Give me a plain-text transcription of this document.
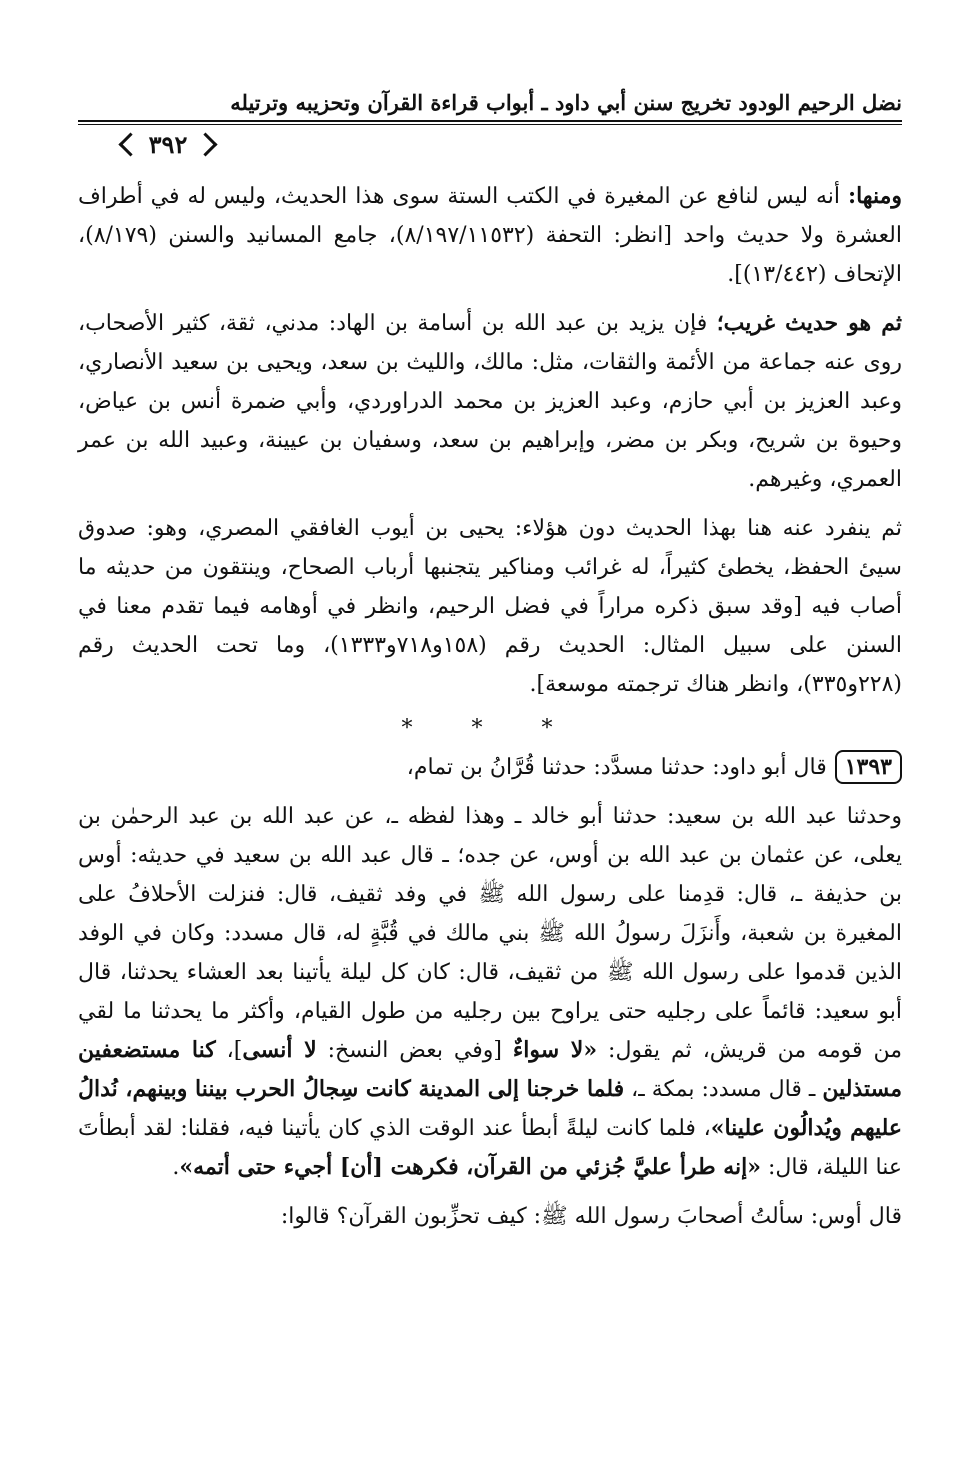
نضل الرحيم الودود تخريج سنن أبي داود ـ أبواب قراءة القرآن وتحزيبه وترتيله
٣٩٢

ومنها: أنه ليس لنافع عن المغيرة في الكتب الستة سوى هذا الحديث، وليس له في أطراف العشرة ولا حديث واحد [انظر: التحفة (٨/١٩٧/١١٥٣٢)، جامع المسانيد والسنن (٨/١٧٩)، الإتحاف (١٣/٤٤٢)].

ثم هو حديث غريب؛ فإن يزيد بن عبد الله بن أسامة بن الهاد: مدني، ثقة، كثير الأصحاب، روى عنه جماعة من الأئمة والثقات، مثل: مالك، والليث بن سعد، ويحيى بن سعيد الأنصاري، وعبد العزيز بن أبي حازم، وعبد العزيز بن محمد الدراوردي، وأبي ضمرة أنس بن عياض، وحيوة بن شريح، وبكر بن مضر، وإبراهيم بن سعد، وسفيان بن عيينة، وعبيد الله بن عمر العمري، وغيرهم.

ثم ينفرد عنه هنا بهذا الحديث دون هؤلاء: يحيى بن أيوب الغافقي المصري، وهو: صدوق سيئ الحفظ، يخطئ كثيراً، له غرائب ومناكير يتجنبها أرباب الصحاح، وينتقون من حديثه ما أصاب فيه [وقد سبق ذكره مراراً في فضل الرحيم، وانظر في أوهامه فيما تقدم معنا في السنن على سبيل المثال: الحديث رقم (١٥٨و٧١٨و١٣٣٣)، وما تحت الحديث رقم (٢٢٨و٣٣٥)، وانظر هناك ترجمته موسعة].

* * *

١٣٩٣قال أبو داود: حدثنا مسدَّد: حدثنا قُرَّانُ بن تمام،

وحدثنا عبد الله بن سعيد: حدثنا أبو خالد ـ وهذا لفظه ـ، عن عبد الله بن عبد الرحمٰن بن يعلى، عن عثمان بن عبد الله بن أوس، عن جده؛ ـ قال عبد الله بن سعيد في حديثه: أوس بن حذيفة ـ، قال: قدِمنا على رسول الله ﷺ في وفد ثقيف، قال: فنزلت الأحلافُ على المغيرة بن شعبة، وأَنزَلَ رسولُ الله ﷺ بني مالك في قُبَّةٍ له، قال مسدد: وكان في الوفد الذين قدموا على رسول الله ﷺ من ثقيف، قال: كان كل ليلة يأتينا بعد العشاء يحدثنا، قال أبو سعيد: قائماً على رجليه حتى يراوح بين رجليه من طول القيام، وأكثر ما يحدثنا ما لقي من قومه من قريش، ثم يقول: «لا سواءٌ [وفي بعض النسخ: لا أنسى]، كنا مستضعفين مستذلين ـ قال مسدد: بمكة ـ، فلما خرجنا إلى المدينة كانت سِجالُ الحرب بيننا وبينهم، نُدالُ عليهم ويُدالُون علينا»، فلما كانت ليلةً أبطأ عند الوقت الذي كان يأتينا فيه، فقلنا: لقد أبطأتَ عنا الليلة، قال: «إنه طرأ عليَّ جُزئي من القرآن، فكرهت [أن] أجيء حتى أتمه».

قال أوس: سألتُ أصحابَ رسول الله ﷺ: كيف تحزِّبون القرآن؟ قالوا:
